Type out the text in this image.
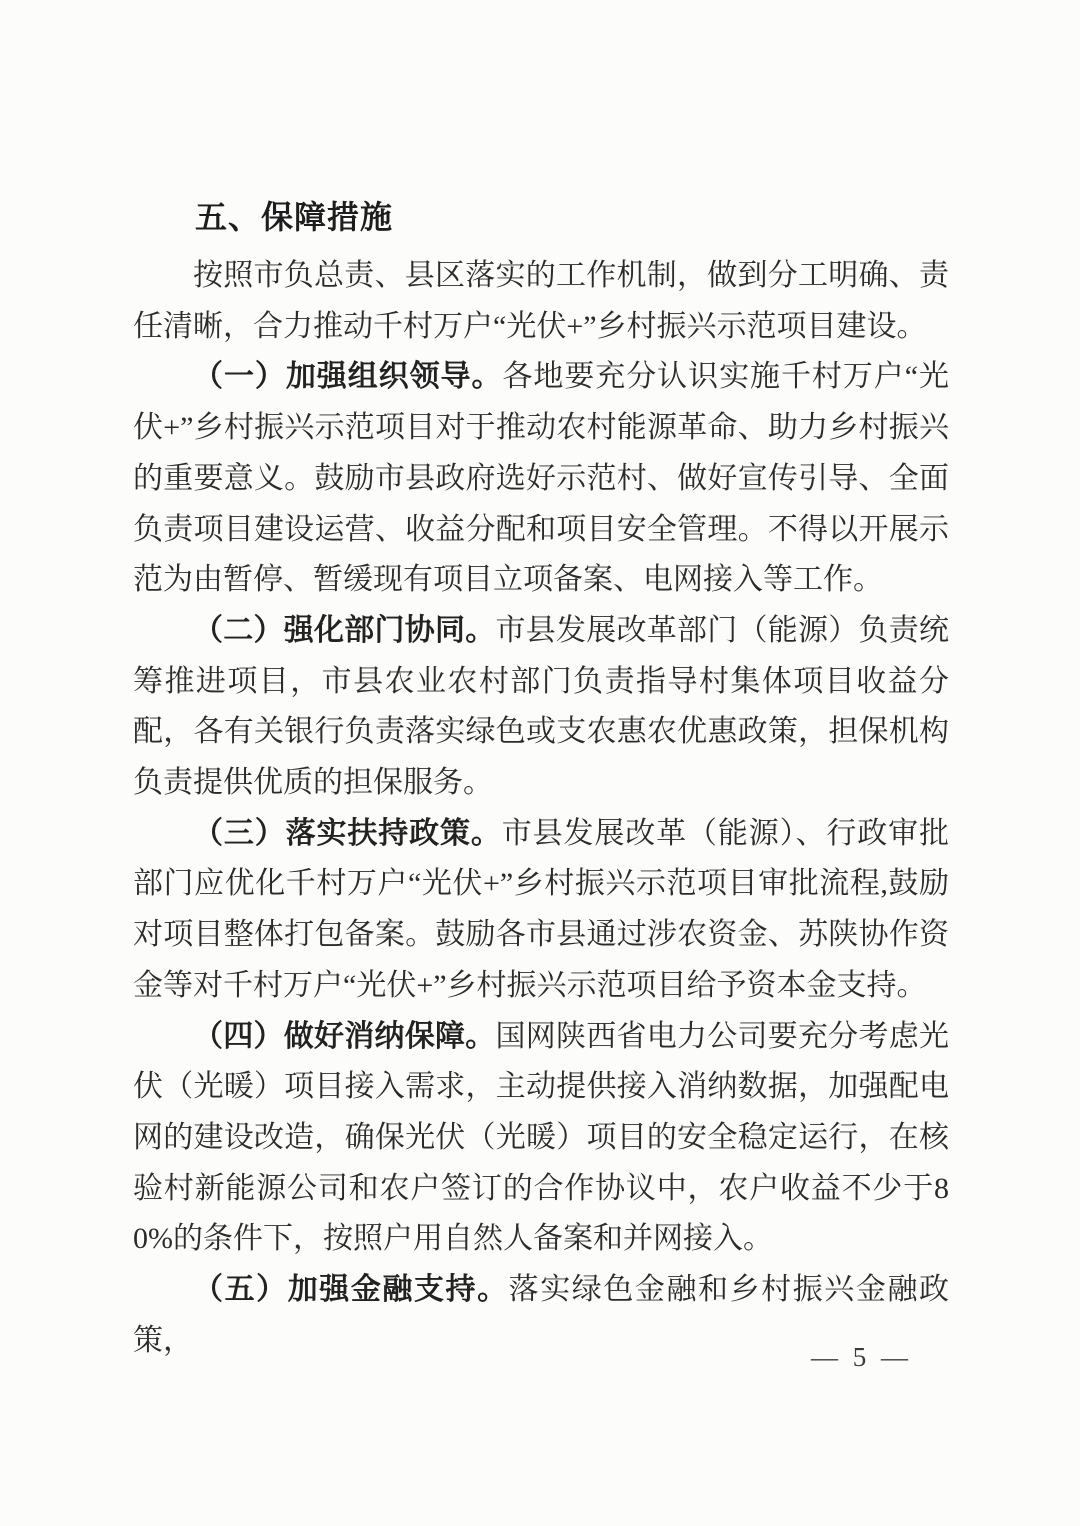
五、保障措施

按照市负总责、县区落实的工作机制，做到分工明确、责任清晰，合力推动千村万户“光伏+”乡村振兴示范项目建设。

（一）加强组织领导。各地要充分认识实施千村万户“光伏+”乡村振兴示范项目对于推动农村能源革命、助力乡村振兴的重要意义。鼓励市县政府选好示范村、做好宣传引导、全面负责项目建设运营、收益分配和项目安全管理。不得以开展示范为由暂停、暂缓现有项目立项备案、电网接入等工作。

（二）强化部门协同。市县发展改革部门（能源）负责统筹推进项目，市县农业农村部门负责指导村集体项目收益分配，各有关银行负责落实绿色或支农惠农优惠政策，担保机构负责提供优质的担保服务。

（三）落实扶持政策。市县发展改革（能源）、行政审批部门应优化千村万户“光伏+”乡村振兴示范项目审批流程,鼓励对项目整体打包备案。鼓励各市县通过涉农资金、苏陕协作资金等对千村万户“光伏+”乡村振兴示范项目给予资本金支持。

（四）做好消纳保障。国网陕西省电力公司要充分考虑光伏（光暖）项目接入需求，主动提供接入消纳数据，加强配电网的建设改造，确保光伏（光暖）项目的安全稳定运行，在核验村新能源公司和农户签订的合作协议中，农户收益不少于80%的条件下，按照户用自然人备案和并网接入。

（五）加强金融支持。落实绿色金融和乡村振兴金融政策，

— 5 —
